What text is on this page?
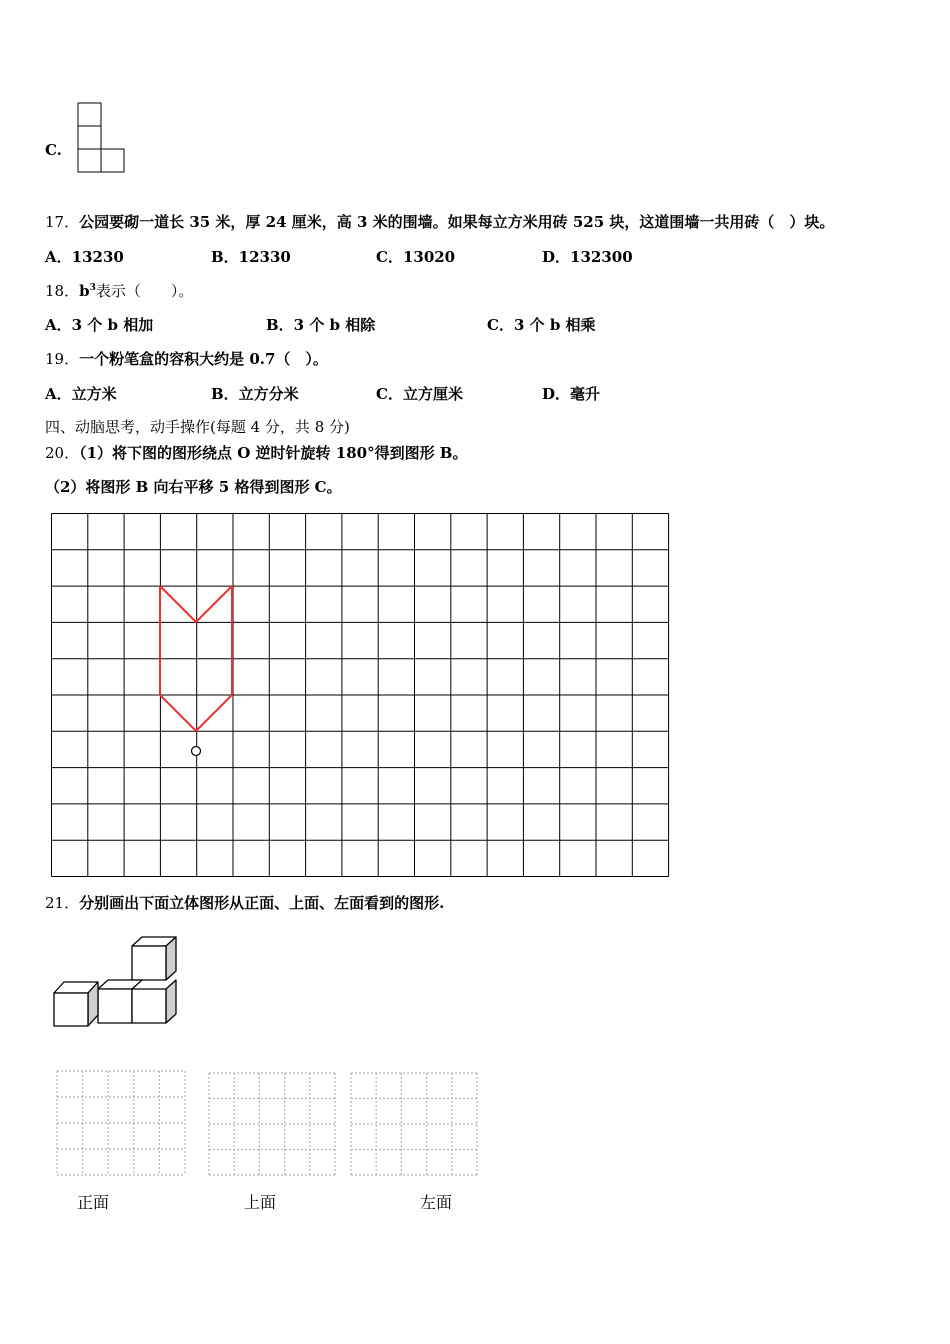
C.
17．公园要砌一道长 35 米，厚 24 厘米，高 3 米的围墙。如果每立方米用砖 525 块，这道围墙一共用砖（　）块。
A．13230	B．12330	C．13020	D．132300
18．$b^3$表示（　　）。
A．3 个 b 相加	B．3 个 b 相除	C．3 个 b 相乘
19．一个粉笔盒的容积大约是 0.7（　）。
A．立方米	B．立方分米	C．立方厘米	D．毫升
四、动脑思考，动手操作(每题 4 分，共 8 分)
20．（1）将下图的图形绕点 O 逆时针旋转 180°得到图形 B。
（2）将图形 B 向右平移 5 格得到图形 C。
21．分别画出下面立体图形从正面、上面、左面看到的图形.
正面	上面	左面
